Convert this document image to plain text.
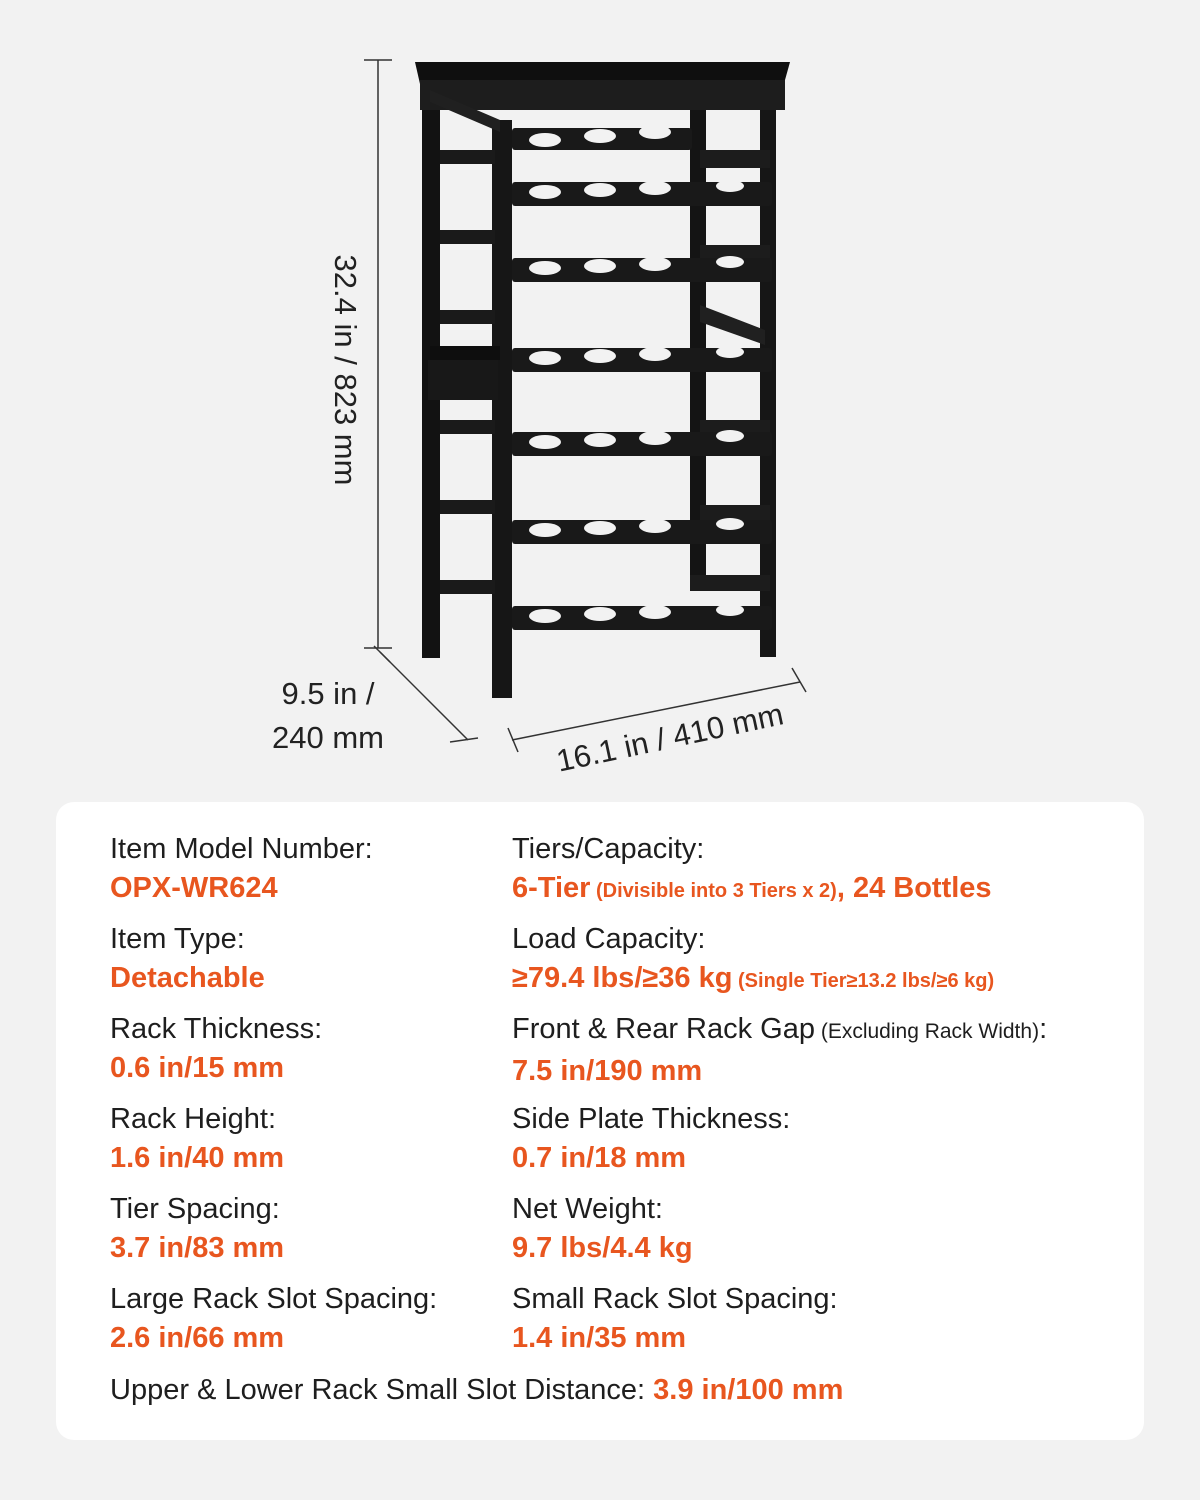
32.4 in / 823 mm
9.5 in /
240 mm	16.1 in / 410 mm
Item Model Number:
OPX-WR624
Tiers/Capacity:
6-Tier (Divisible into 3 Tiers x 2), 24 Bottles
Item Type:
Detachable
Load Capacity:
≥79.4 lbs/≥36 kg (Single Tier≥13.2 lbs/≥6 kg)
Rack Thickness:
0.6 in/15 mm
Front & Rear Rack Gap (Excluding Rack Width):
7.5 in/190 mm
Rack Height:
1.6 in/40 mm
Side Plate Thickness:
0.7 in/18 mm
Tier Spacing:
3.7 in/83 mm
Net Weight:
9.7 lbs/4.4 kg
Large Rack Slot Spacing:
2.6 in/66 mm
Small Rack Slot Spacing:
1.4 in/35 mm
Upper & Lower Rack Small Slot Distance: 3.9 in/100 mm
